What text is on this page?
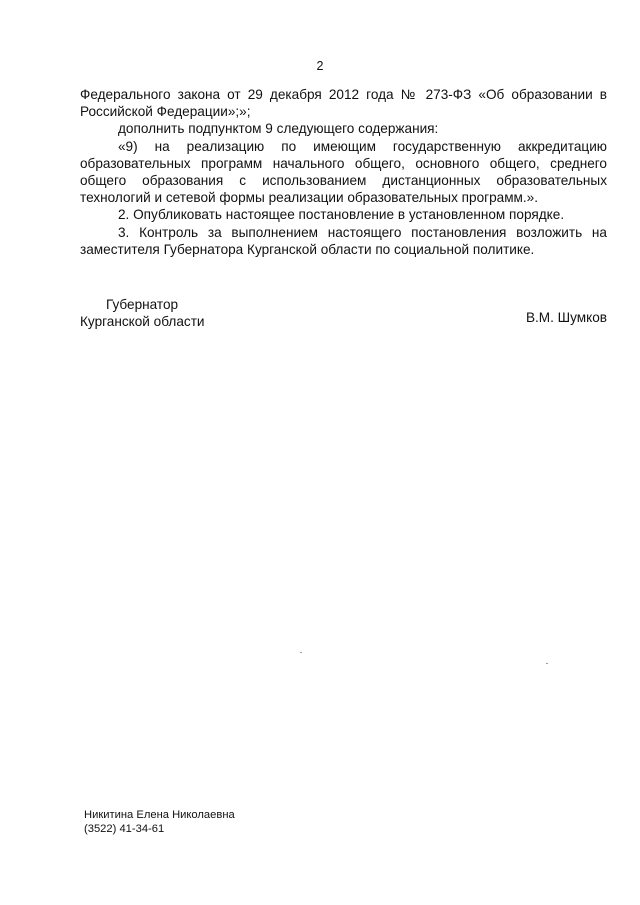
2

Федерального закона от 29 декабря 2012 года № 273-ФЗ «Об образовании в Российской Федерации»;»;

дополнить подпунктом 9 следующего содержания:

«9) на реализацию по имеющим государственную аккредитацию образовательных программ начального общего, основного общего, среднего общего образования с использованием дистанционных образовательных технологий и сетевой формы реализации образовательных программ.».

2. Опубликовать настоящее постановление в установленном порядке.

3. Контроль за выполнением настоящего постановления возложить на заместителя Губернатора Курганской области по социальной политике.

Губернатор
Курганской области	В.М. Шумков
Никитина Елена Николаевна
(3522) 41-34-61
